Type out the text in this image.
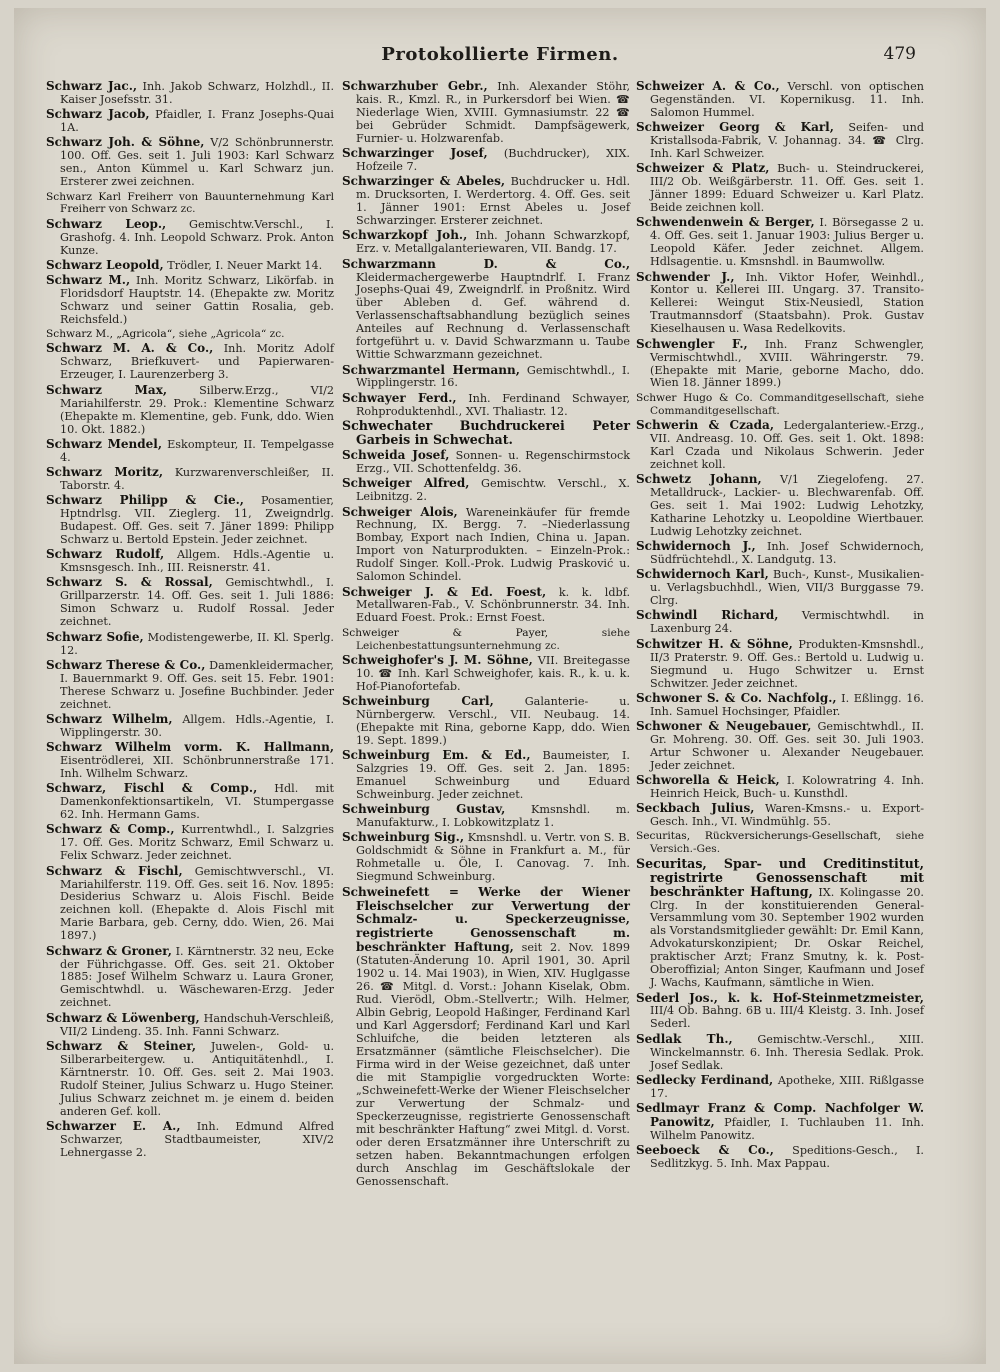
Protokollierte Firmen.	479

Schwarz Jac., Inh. Jakob Schwarz, Holzhdl., II. Kaiser Josefsstr. 31.

Schwarz Jacob, Pfaidler, I. Franz Josephs-Quai 1A.

Schwarz Joh. & Söhne, V/2 Schönbrunnerstr. 100. Off. Ges. seit 1. Juli 1903: Karl Schwarz sen., Anton Kümmel u. Karl Schwarz jun. Ersterer zwei zeichnen.

Schwarz Karl Freiherr von Bauunternehmung Karl Freiherr von Schwarz zc.

Schwarz Leop., Gemischtw.Verschl., I. Grashofg. 4. Inh. Leopold Schwarz. Prok. Anton Kunze.

Schwarz Leopold, Trödler, I. Neuer Markt 14.

Schwarz M., Inh. Moritz Schwarz, Likörfab. in Floridsdorf Hauptstr. 14. (Ehepakte zw. Moritz Schwarz und seiner Gattin Rosalia, geb. Reichsfeld.)

Schwarz M., „Agricola“, siehe „Agricola“ zc.

Schwarz M. A. & Co., Inh. Moritz Adolf Schwarz, Briefkuvert- und Papierwaren-Erzeuger, I. Laurenzerberg 3.

Schwarz Max, Silberw.Erzg., VI/2 Mariahilferstr. 29. Prok.: Klementine Schwarz (Ehepakte m. Klementine, geb. Funk, ddo. Wien 10. Okt. 1882.)

Schwarz Mendel, Eskompteur, II. Tempelgasse 4.

Schwarz Moritz, Kurzwarenverschleißer, II. Taborstr. 4.

Schwarz Philipp & Cie., Posamentier, Hptndrlsg. VII. Zieglerg. 11, Zweigndrlg. Budapest. Off. Ges. seit 7. Jäner 1899: Philipp Schwarz u. Bertold Epstein. Jeder zeichnet.

Schwarz Rudolf, Allgem. Hdls.-Agentie u. Kmsnsgesch. Inh., III. Reisnerstr. 41.

Schwarz S. & Rossal, Gemischtwhdl., I. Grillparzerstr. 14. Off. Ges. seit 1. Juli 1886: Simon Schwarz u. Rudolf Rossal. Jeder zeichnet.

Schwarz Sofie, Modistengewerbe, II. Kl. Sperlg. 12.

Schwarz Therese & Co., Damenkleidermacher, I. Bauernmarkt 9. Off. Ges. seit 15. Febr. 1901: Therese Schwarz u. Josefine Buchbinder. Jeder zeichnet.

Schwarz Wilhelm, Allgem. Hdls.-Agentie, I. Wipplingerstr. 30.

Schwarz Wilhelm vorm. K. Hallmann, Eisentrödlerei, XII. Schönbrunnerstraße 171. Inh. Wilhelm Schwarz.

Schwarz, Fischl & Comp., Hdl. mit Damenkonfektionsartikeln, VI. Stumpergasse 62. Inh. Hermann Gams.

Schwarz & Comp., Kurrentwhdl., I. Salzgries 17. Off. Ges. Moritz Schwarz, Emil Schwarz u. Felix Schwarz. Jeder zeichnet.

Schwarz & Fischl, Gemischtwverschl., VI. Mariahilferstr. 119. Off. Ges. seit 16. Nov. 1895: Desiderius Schwarz u. Alois Fischl. Beide zeichnen koll. (Ehepakte d. Alois Fischl mit Marie Barbara, geb. Cerny, ddo. Wien, 26. Mai 1897.)

Schwarz & Groner, I. Kärntnerstr. 32 neu, Ecke der Führichgasse. Off. Ges. seit 21. Oktober 1885: Josef Wilhelm Schwarz u. Laura Groner, Gemischtwhdl. u. Wäschewaren-Erzg. Jeder zeichnet.

Schwarz & Löwenberg, Handschuh-Verschleiß, VII/2 Lindeng. 35. Inh. Fanni Schwarz.

Schwarz & Steiner, Juwelen-, Gold- u. Silberarbeitergew. u. Antiquitätenhdl., I. Kärntnerstr. 10. Off. Ges. seit 2. Mai 1903. Rudolf Steiner, Julius Schwarz u. Hugo Steiner. Julius Schwarz zeichnet m. je einem d. beiden anderen Gef. koll.

Schwarzer E. A., Inh. Edmund Alfred Schwarzer, Stadtbaumeister, XIV/2 Lehnergasse 2.

Schwarzhuber Gebr., Inh. Alexander Stöhr, kais. R., Kmzl. R., in Purkersdorf bei Wien. ☎ Niederlage Wien, XVIII. Gymnasiumstr. 22 ☎ bei Gebrüder Schmidt. Dampfsägewerk, Furnier- u. Holzwarenfab.

Schwarzinger Josef, (Buchdrucker), XIX. Hofzeile 7.

Schwarzinger & Abeles, Buchdrucker u. Hdl. m. Drucksorten, I. Werdertorg. 4. Off. Ges. seit 1. Jänner 1901: Ernst Abeles u. Josef Schwarzinger. Ersterer zeichnet.

Schwarzkopf Joh., Inh. Johann Schwarzkopf, Erz. v. Metallgalanteriewaren, VII. Bandg. 17.

Schwarzmann D. & Co., Kleidermachergewerbe Hauptndrlf. I. Franz Josephs-Quai 49, Zweigndrlf. in Proßnitz. Wird über Ableben d. Gef. während d. Verlassenschaftsabhandlung bezüglich seines Anteiles auf Rechnung d. Verlassenschaft fortgeführt u. v. David Schwarzmann u. Taube Wittie Schwarzmann gezeichnet.

Schwarzmantel Hermann, Gemischtwhdl., I. Wipplingerstr. 16.

Schwayer Ferd., Inh. Ferdinand Schwayer, Rohproduktenhdl., XVI. Thaliastr. 12.

Schwechater Buchdruckerei Peter Garbeis in Schwechat.

Schweida Josef, Sonnen- u. Regenschirmstock Erzg., VII. Schottenfeldg. 36.

Schweiger Alfred, Gemischtw. Verschl., X. Leibnitzg. 2.

Schweiger Alois, Wareneinkäufer für fremde Rechnung, IX. Bergg. 7. –Niederlassung Bombay, Export nach Indien, China u. Japan. Import von Naturprodukten. – Einzeln-Prok.: Rudolf Singer. Koll.-Prok. Ludwig Prasković u. Salomon Schindel.

Schweiger J. & Ed. Foest, k. k. ldbf. Metallwaren-Fab., V. Schönbrunnerstr. 34. Inh. Eduard Foest. Prok.: Ernst Foest.

Schweiger & Payer, siehe Leichenbestattungsunternehmung zc.

Schweighofer's J. M. Söhne, VII. Breitegasse 10. ☎ Inh. Karl Schweighofer, kais. R., k. u. k. Hof-Pianofortefab.

Schweinburg Carl, Galanterie- u. Nürnbergerw. Verschl., VII. Neubaug. 14. (Ehepakte mit Rina, geborne Kapp, ddo. Wien 19. Sept. 1899.)

Schweinburg Em. & Ed., Baumeister, I. Salzgries 19. Off. Ges. seit 2. Jan. 1895: Emanuel Schweinburg und Eduard Schweinburg. Jeder zeichnet.

Schweinburg Gustav, Kmsnshdl. m. Manufakturw., I. Lobkowitzplatz 1.

Schweinburg Sig., Kmsnshdl. u. Vertr. von S. B. Goldschmidt & Söhne in Frankfurt a. M., für Rohmetalle u. Öle, I. Canovag. 7. Inh. Siegmund Schweinburg.

Schweinefett = Werke der Wiener Fleischselcher zur Verwertung der Schmalz- u. Speckerzeugnisse, registrierte Genossenschaft m. beschränkter Haftung, seit 2. Nov. 1899 (Statuten-Änderung 10. April 1901, 30. April 1902 u. 14. Mai 1903), in Wien, XIV. Huglgasse 26. ☎ Mitgl. d. Vorst.: Johann Kiselak, Obm. Rud. Vierödl, Obm.-Stellvertr.; Wilh. Helmer, Albin Gebrig, Leopold Haßinger, Ferdinand Karl und Karl Aggersdorf; Ferdinand Karl und Karl Schluifche, die beiden letzteren als Ersatzmänner (sämtliche Fleischselcher). Die Firma wird in der Weise gezeichnet, daß unter die mit Stampiglie vorgedruckten Worte: „Schweinefett-Werke der Wiener Fleischselcher zur Verwertung der Schmalz- und Speckerzeugnisse, registrierte Genossenschaft mit beschränkter Haftung“ zwei Mitgl. d. Vorst. oder deren Ersatzmänner ihre Unterschrift zu setzen haben. Bekanntmachungen erfolgen durch Anschlag im Geschäftslokale der Genossenschaft.

Schweizer A. & Co., Verschl. von optischen Gegenständen. VI. Kopernikusg. 11. Inh. Salomon Hummel.

Schweizer Georg & Karl, Seifen- und Kristallsoda-Fabrik, V. Johannag. 34. ☎ Clrg. Inh. Karl Schweizer.

Schweizer & Platz, Buch- u. Steindruckerei, III/2 Ob. Weißgärberstr. 11. Off. Ges. seit 1. Jänner 1899: Eduard Schweizer u. Karl Platz. Beide zeichnen koll.

Schwendenwein & Berger, I. Börsegasse 2 u. 4. Off. Ges. seit 1. Januar 1903: Julius Berger u. Leopold Käfer. Jeder zeichnet. Allgem. Hdlsagentie. u. Kmsnshdl. in Baumwollw.

Schwender J., Inh. Viktor Hofer, Weinhdl., Kontor u. Kellerei III. Ungarg. 37. Transito-Kellerei: Weingut Stix-Neusiedl, Station Trautmannsdorf (Staatsbahn). Prok. Gustav Kieselhausen u. Wasa Redelkovits.

Schwengler F., Inh. Franz Schwengler, Vermischtwhdl., XVIII. Währingerstr. 79. (Ehepakte mit Marie, geborne Macho, ddo. Wien 18. Jänner 1899.)

Schwer Hugo & Co. Commanditgesellschaft, siehe Commanditgesellschaft.

Schwerin & Czada, Ledergalanteriew.-Erzg., VII. Andreasg. 10. Off. Ges. seit 1. Okt. 1898: Karl Czada und Nikolaus Schwerin. Jeder zeichnet koll.

Schwetz Johann, V/1 Ziegelofeng. 27. Metalldruck-, Lackier- u. Blechwarenfab. Off. Ges. seit 1. Mai 1902: Ludwig Lehotzky, Katharine Lehotzky u. Leopoldine Wiertbauer. Ludwig Lehotzky zeichnet.

Schwidernoch J., Inh. Josef Schwidernoch, Südfrüchtehdl., X. Landgutg. 13.

Schwidernoch Karl, Buch-, Kunst-, Musikalien- u. Verlagsbuchhdl., Wien, VII/3 Burggasse 79. Clrg.

Schwindl Richard, Vermischtwhdl. in Laxenburg 24.

Schwitzer H. & Söhne, Produkten-Kmsnshdl., II/3 Praterstr. 9. Off. Ges.: Bertold u. Ludwig u. Siegmund u. Hugo Schwitzer u. Ernst Schwitzer. Jeder zeichnet.

Schwoner S. & Co. Nachfolg., I. Eßlingg. 16. Inh. Samuel Hochsinger, Pfaidler.

Schwoner & Neugebauer, Gemischtwhdl., II. Gr. Mohreng. 30. Off. Ges. seit 30. Juli 1903. Artur Schwoner u. Alexander Neugebauer. Jeder zeichnet.

Schworella & Heick, I. Kolowratring 4. Inh. Heinrich Heick, Buch- u. Kunsthdl.

Seckbach Julius, Waren-Kmsns.- u. Export-Gesch. Inh., VI. Windmühlg. 55.

Securitas, Rückversicherungs-Gesellschaft, siehe Versich.-Ges.

Securitas, Spar- und Creditinstitut, registrirte Genossenschaft mit beschränkter Haftung, IX. Kolingasse 20. Clrg. In der konstituierenden General-Versammlung vom 30. September 1902 wurden als Vorstandsmitglieder gewählt: Dr. Emil Kann, Advokaturskonzipient; Dr. Oskar Reichel, praktischer Arzt; Franz Smutny, k. k. Post-Oberoffizial; Anton Singer, Kaufmann und Josef J. Wachs, Kaufmann, sämtliche in Wien.

Sederl Jos., k. k. Hof-Steinmetzmeister, III/4 Ob. Bahng. 6B u. III/4 Kleistg. 3. Inh. Josef Sederl.

Sedlak Th., Gemischtw.-Verschl., XIII. Winckelmannstr. 6. Inh. Theresia Sedlak. Prok. Josef Sedlak.

Sedlecky Ferdinand, Apotheke, XIII. Rißlgasse 17.

Sedlmayr Franz & Comp. Nachfolger W. Panowitz, Pfaidler, I. Tuchlauben 11. Inh. Wilhelm Panowitz.

Seeboeck & Co., Speditions-Gesch., I. Sedlitzkyg. 5. Inh. Max Pappau.
